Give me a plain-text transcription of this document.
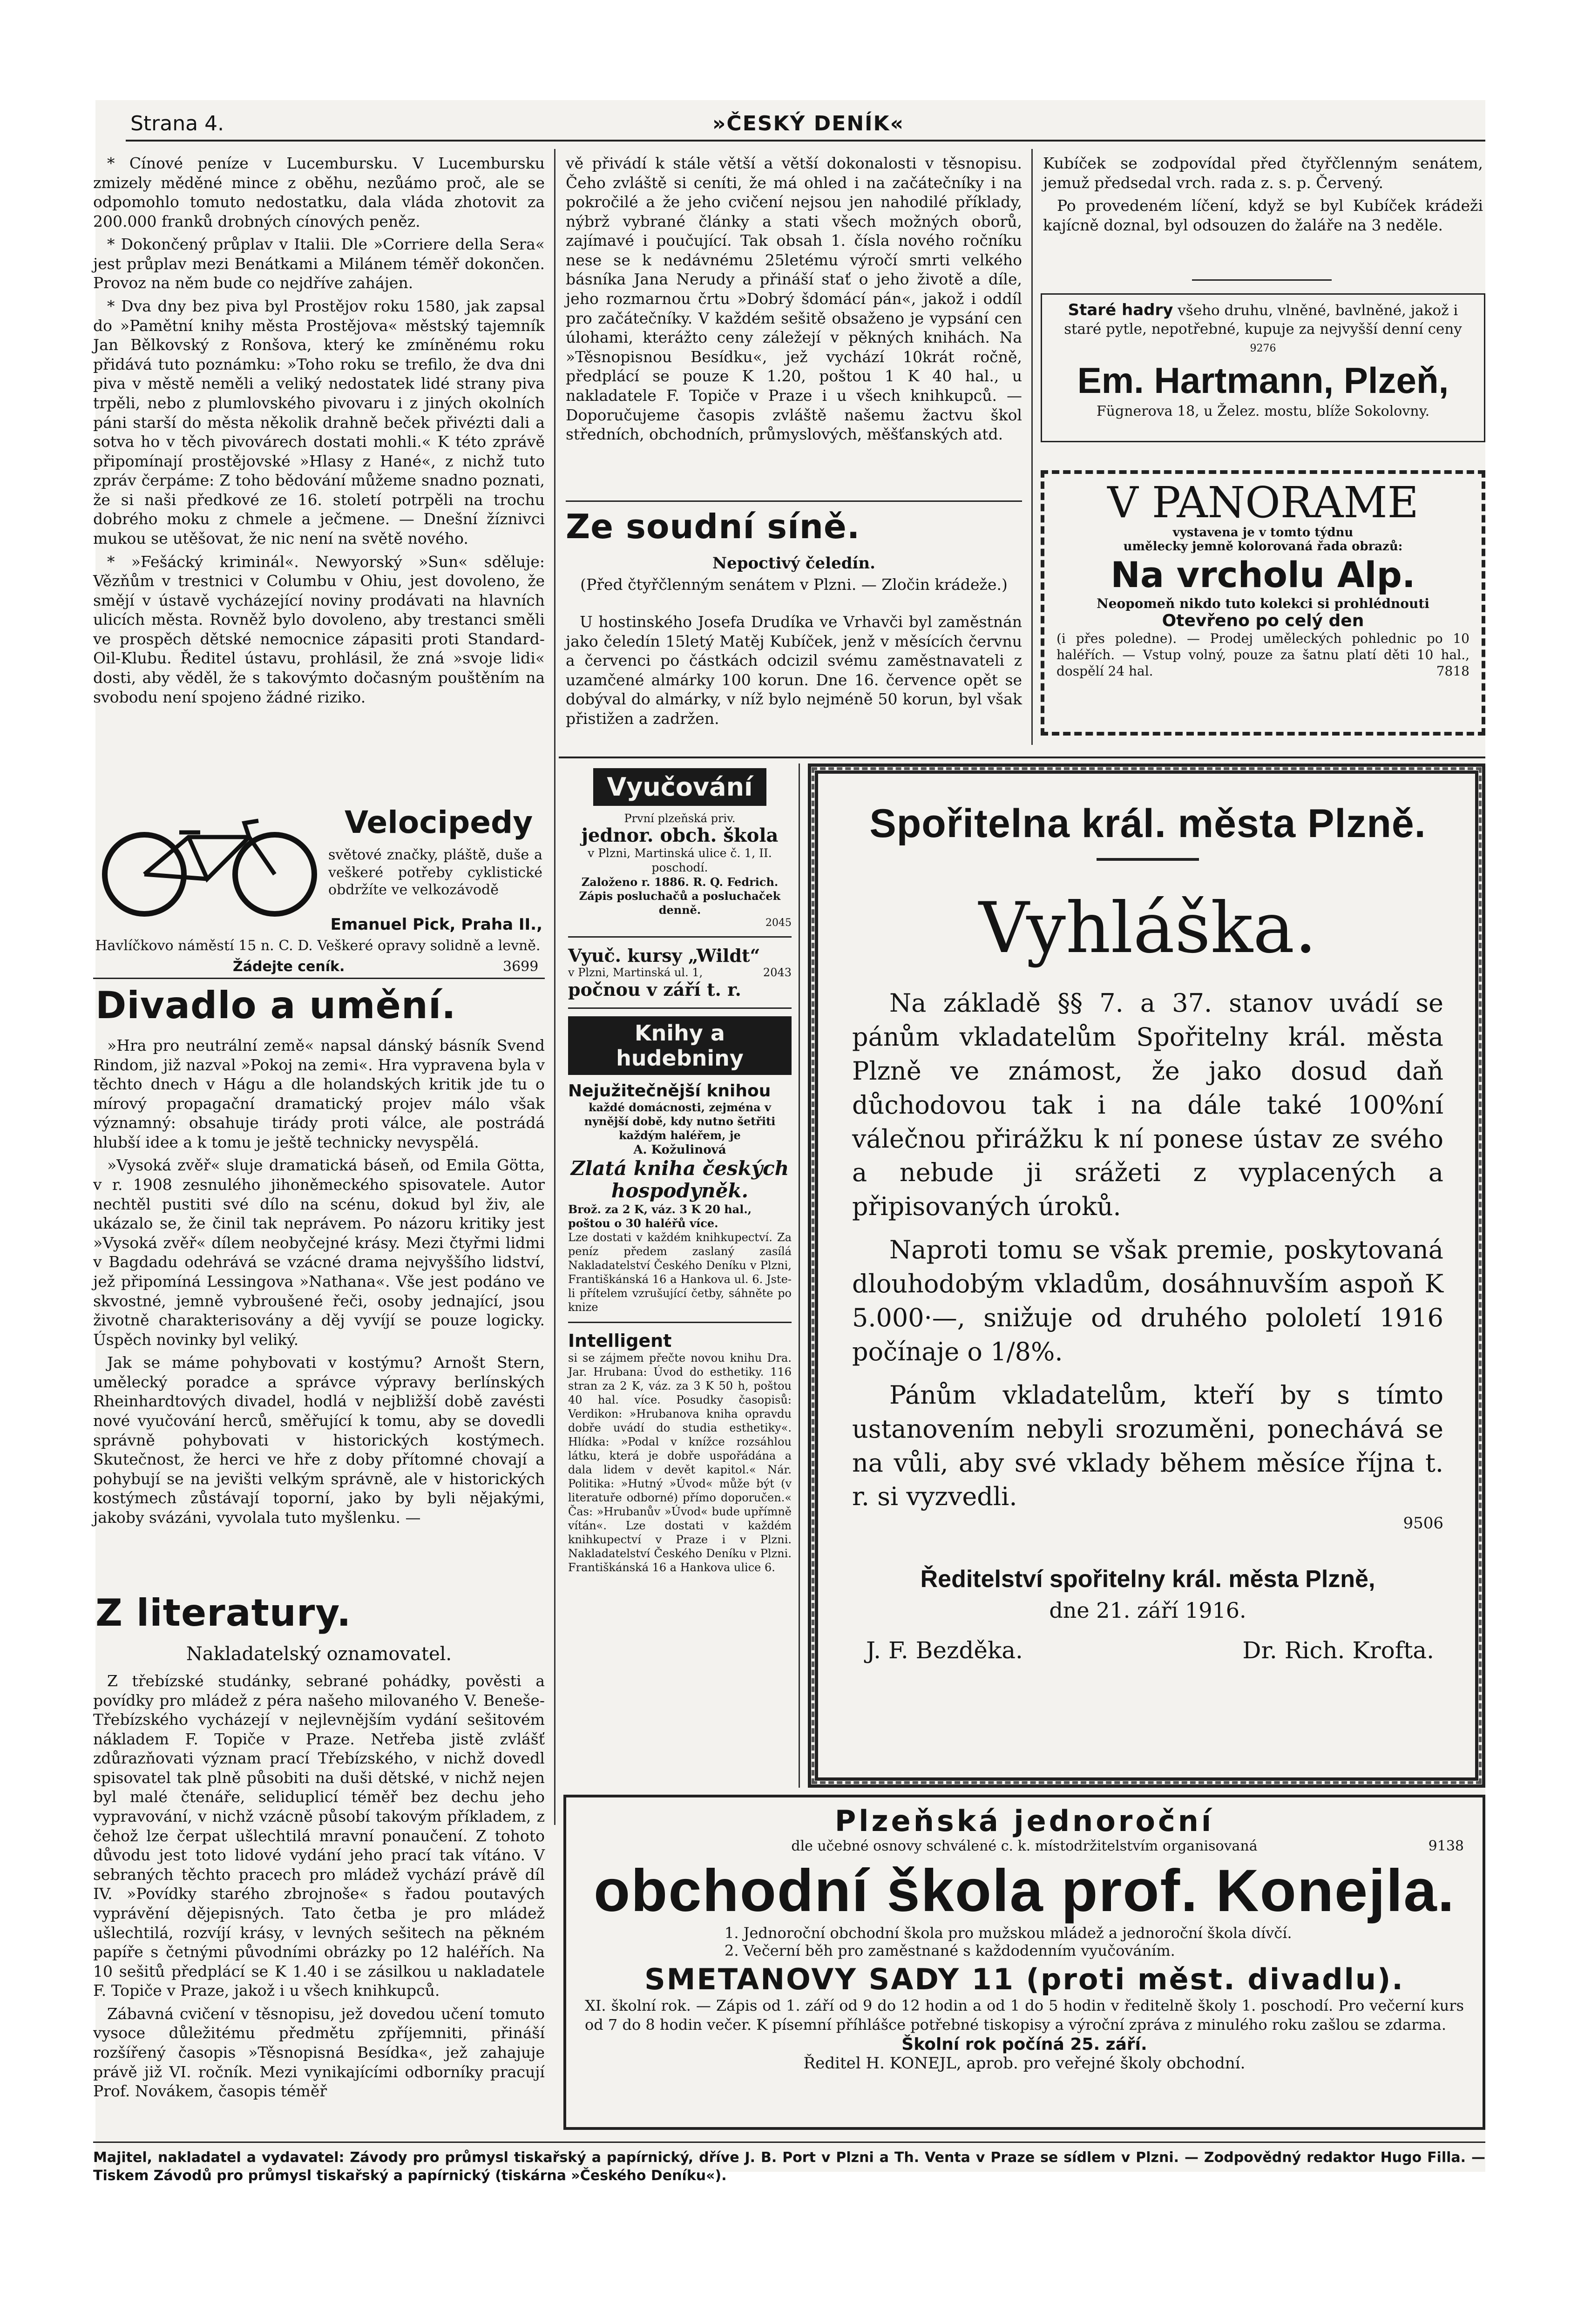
Strana 4.	»ČESKÝ DENÍK«

* Cínové peníze v Lucembursku. V Lucembursku zmizely měděné mince z oběhu, nezůámo proč, ale se odpomohlo tomuto nedostatku, dala vláda zhotovit za 200.000 franků drobných cínových peněz.

* Dokončený průplav v Italii. Dle »Corriere della Sera« jest průplav mezi Benátkami a Milánem téměř dokončen. Provoz na něm bude co nejdříve zahájen.

* Dva dny bez piva byl Prostějov roku 1580, jak zapsal do »Pamětní knihy města Prostějova« městský tajemník Jan Bělkovský z Ronšova, který ke zmíněnému roku přidává tuto poznámku: »Toho roku se trefilo, že dva dni piva v městě neměli a veliký nedostatek lidé strany piva trpěli, nebo z plumlovského pivovaru i z jiných okolních páni starší do města několik drahně beček přivézti dali a sotva ho v těch pivovárech dostati mohli.« K této zprávě připomínají prostějovské »Hlasy z Hané«, z nichž tuto zpráv čerpáme: Z toho bědování můžeme snadno poznati, že si naši předkové ze 16. století potrpěli na trochu dobrého moku z chmele a ječmene. — Dnešní žíznivci mukou se utěšovat, že nic není na světě nového.

* »Fešácký kriminál«. Newyorský »Sun« sděluje: Vězňům v trestnici v Columbu v Ohiu, jest dovoleno, že smějí v ústavě vycházející noviny prodávati na hlavních ulicích města. Rovněž bylo dovoleno, aby trestanci směli ve prospěch dětské nemocnice zápasiti proti Standard-Oil-Klubu. Ředitel ústavu, prohlásil, že zná »svoje lidi« dosti, aby věděl, že s takovýmto dočasným pouštěním na svobodu není spojeno žádné riziko.

Velocipedy
světové značky, pláště, duše a veškeré potřeby cyklistické obdržíte ve velkozávodě
Emanuel Pick, Praha II.,
Havlíčkovo náměstí 15 n. C. D. Veškeré opravy solidně a levně.
Žádejte ceník.	3699
Divadlo a umění.

»Hra pro neutrální země« napsal dánský básník Svend Rindom, již nazval »Pokoj na zemi«. Hra vypravena byla v těchto dnech v Hágu a dle holandských kritik jde tu o mírový propagační dramatický projev málo však významný: obsahuje tirády proti válce, ale postrádá hlubší idee a k tomu je ještě technicky nevyspělá.

»Vysoká zvěř« sluje dramatická báseň, od Emila Götta, v r. 1908 zesnulého jihoněmeckého spisovatele. Autor nechtěl pustiti své dílo na scénu, dokud byl živ, ale ukázalo se, že činil tak neprávem. Po názoru kritiky jest »Vysoká zvěř« dílem neobyčejné krásy. Mezi čtyřmi lidmi v Bagdadu odehrává se vzácné drama nejvyššího lidství, jež připomíná Lessingova »Nathana«. Vše jest podáno ve skvostné, jemně vybroušené řeči, osoby jednající, jsou životně charakterisovány a děj vyvíjí se pouze logicky. Úspěch novinky byl veliký.

Jak se máme pohybovati v kostýmu? Arnošt Stern, umělecký poradce a správce výpravy berlínských Rheinhardtových divadel, hodlá v nejbližší době zavésti nové vyučování herců, směřující k tomu, aby se dovedli správně pohybovati v historických kostýmech. Skutečnost, že herci ve hře z doby přítomné chovají a pohybují se na jevišti velkým správně, ale v historických kostýmech zůstávají toporní, jako by byli nějakými, jakoby svázáni, vyvolala tuto myšlenku. —

Z literatury.
Nakladatelský oznamovatel.

Z třebízské studánky, sebrané pohádky, pověsti a povídky pro mládež z péra našeho milovaného V. Beneše-Třebízského vycházejí v nejlevnějším vydání sešitovém nákladem F. Topiče v Praze. Netřeba jistě zvlášť zdůrazňovati význam prací Třebízského, v nichž dovedl spisovatel tak plně působiti na duši dětské, v nichž nejen byl malé čtenáře, seliduplicí téměř bez dechu jeho vypravování, v nichž vzácně působí takovým příkladem, z čehož lze čerpat ušlechtilá mravní ponaučení. Z tohoto důvodu jest toto lidové vydání jeho prací tak vítáno. V sebraných těchto pracech pro mládež vychází právě díl IV. »Povídky starého zbrojnoše« s řadou poutavých vyprávění dějepisných. Tato četba je pro mládež ušlechtilá, rozvíjí krásy, v levných sešitech na pěkném papíře s četnými původními obrázky po 12 haléřích. Na 10 sešitů předplácí se K 1.40 i se zásilkou u nakladatele F. Topiče v Praze, jakož i u všech knihkupců.

Zábavná cvičení v těsnopisu, jež dovedou učení tomuto vysoce důležitému předmětu zpříjemniti, přináší rozšířený časopis »Těsnopisná Besídka«, jež zahajuje právě již VI. ročník. Mezi vynikajícími odborníky pracují Prof. Novákem, časopis téměř

vě přivádí k stále větší a větší dokonalosti v těsnopisu. Čeho zvláště si ceníti, že má ohled i na začátečníky i na pokročilé a že jeho cvičení nejsou jen nahodilé příklady, nýbrž vybrané články a stati všech možných oborů, zajímavé i poučující. Tak obsah 1. čísla nového ročníku nese se k nedávnému 25letému výročí smrti velkého básníka Jana Nerudy a přináší stať o jeho životě a díle, jeho rozmarnou črtu »Dobrý šdomácí pán«, jakož i oddíl pro začátečníky. V každém sešitě obsaženo je vypsání cen úlohami, kterážto ceny záležejí v pěkných knihách. Na »Těsnopisnou Besídku«, jež vychází 10krát ročně, předplácí se pouze K 1.20, poštou 1 K 40 hal., u nakladatele F. Topiče v Praze i u všech knihkupců. — Doporučujeme časopis zvláště našemu žactvu škol středních, obchodních, průmyslových, měšťanských atd.

Ze soudní síně.
Nepoctivý čeledín.
(Před čtyřčlenným senátem v Plzni. — Zločin krádeže.)

U hostinského Josefa Drudíka ve Vrhavči byl zaměstnán jako čeledín 15letý Matěj Kubíček, jenž v měsících červnu a červenci po částkách odcizil svému zaměstnavateli z uzamčené almárky 100 korun. Dne 16. července opět se dobýval do almárky, v níž bylo nejméně 50 korun, byl však přistižen a zadržen.

Vyučování
První plzeňská priv.
jednor. obch. škola
v Plzni, Martinská ulice č. 1, II. poschodí.
Založeno r. 1886. R. Q. Fedrich.
Zápis posluchačů a posluchaček denně.
2045
Vyuč. kursy „Wildt“
v Plzni, Martinská ul. 1,	2043
počnou v září t. r.
Knihy a hudebniny
Nejužitečnější knihou
každé domácnosti, zejména v nynější době, kdy nutno šetřiti každým haléřem, je
A. Kožulinová
Zlatá kniha českých hospodyněk.
Brož. za 2 K, váz. 3 K 20 hal., poštou o 30 haléřů více.
Lze dostati v každém knihkupectví. Za peníz předem zaslaný zasílá Nakladatelství Českého Deníku v Plzni, Františkánská 16 a Hankova ul. 6. Jste-li přítelem vzrušující četby, sáhněte po knize
Intelligent
si se zájmem přečte novou knihu Dra. Jar. Hrubana: Úvod do esthetiky. 116 stran za 2 K, váz. za 3 K 50 h, poštou 40 hal. více. Posudky časopisů: Verdikon: »Hrubanova kniha opravdu dobře uvádí do studia esthetiky«. Hlídka: »Podal v knížce rozsáhlou látku, která je dobře uspořádána a dala lidem v devět kapitol.« Nár. Politika: »Hutný »Úvod« může být (v literatuře odborné) přímo doporučen.« Čas: »Hrubanův »Úvod« bude upřímně vítán«. Lze dostati v každém knihkupectví v Praze i v Plzni. Nakladatelství Českého Deníku v Plzni. Františkánská 16 a Hankova ulice 6.

Kubíček se zodpovídal před čtyřčlenným senátem, jemuž předsedal vrch. rada z. s. p. Červený.

Po provedeném líčení, když se byl Kubíček krádeži kajícně doznal, byl odsouzen do žaláře na 3 neděle.

Staré hadry všeho druhu, vlněné, bavlněné, jakož i staré pytle, nepotřebné, kupuje za nejvyšší denní ceny 9276
Em. Hartmann, Plzeň,
Fügnerova 18, u Želez. mostu, blíže Sokolovny.
V PANORAME
vystavena je v tomto týdnu
umělecky jemně kolorovaná řada obrazů:
Na vrcholu Alp.
Neopomeň nikdo tuto kolekci si prohlédnouti
Otevřeno po celý den
(i přes poledne). — Prodej uměleckých pohlednic po 10 haléřích. — Vstup volný, pouze za šatnu platí děti 10 hal., dospělí 24 hal.	7818
Spořitelna král. města Plzně.
Vyhláška.
Na základě §§ 7. a 37. stanov uvádí se pánům vkladatelům Spořitelny král. města Plzně ve známost, že jako dosud daň důchodovou tak i na dále také 100%ní válečnou přirážku k ní ponese ústav ze svého a nebude ji srážeti z vyplacených a připisovaných úroků.
Naproti tomu se však premie, poskytovaná dlouhodobým vkladům, dosáhnuvším aspoň K 5.000·—, snižuje od druhého pololetí 1916 počínaje o 1/8%.
Pánům vkladatelům, kteří by s tímto ustanovením nebyli srozuměni, ponechává se na vůli, aby své vklady během měsíce října t. r. si vyzvedli.
9506
Ředitelství spořitelny král. města Plzně,
dne 21. září 1916.
J. F. Bezděka.	Dr. Rich. Krofta.
Plzeňská jednoroční
dle učebné osnovy schválené c. k. místodržitelstvím organisovaná	9138
obchodní škola prof. Konejla.
1. Jednoroční obchodní škola pro mužskou mládež a jednoroční škola dívčí.
2. Večerní běh pro zaměstnané s každodenním vyučováním.
SMETANOVY SADY 11 (proti měst. divadlu).
XI. školní rok. — Zápis od 1. září od 9 do 12 hodin a od 1 do 5 hodin v ředitelně školy 1. poschodí. Pro večerní kurs od 7 do 8 hodin večer. K písemní příhlášce potřebné tiskopisy a výroční zpráva z minulého roku zašlou se zdarma.
Školní rok počíná 25. září.
Ředitel H. KONEJL, aprob. pro veřejné školy obchodní.
Majitel, nakladatel a vydavatel: Závody pro průmysl tiskařský a papírnický, dříve J. B. Port v Plzni a Th. Venta v Praze se sídlem v Plzni. — Zodpovědný redaktor Hugo Filla. — Tiskem Závodů pro průmysl tiskařský a papírnický (tiskárna »Českého Deníku«).
